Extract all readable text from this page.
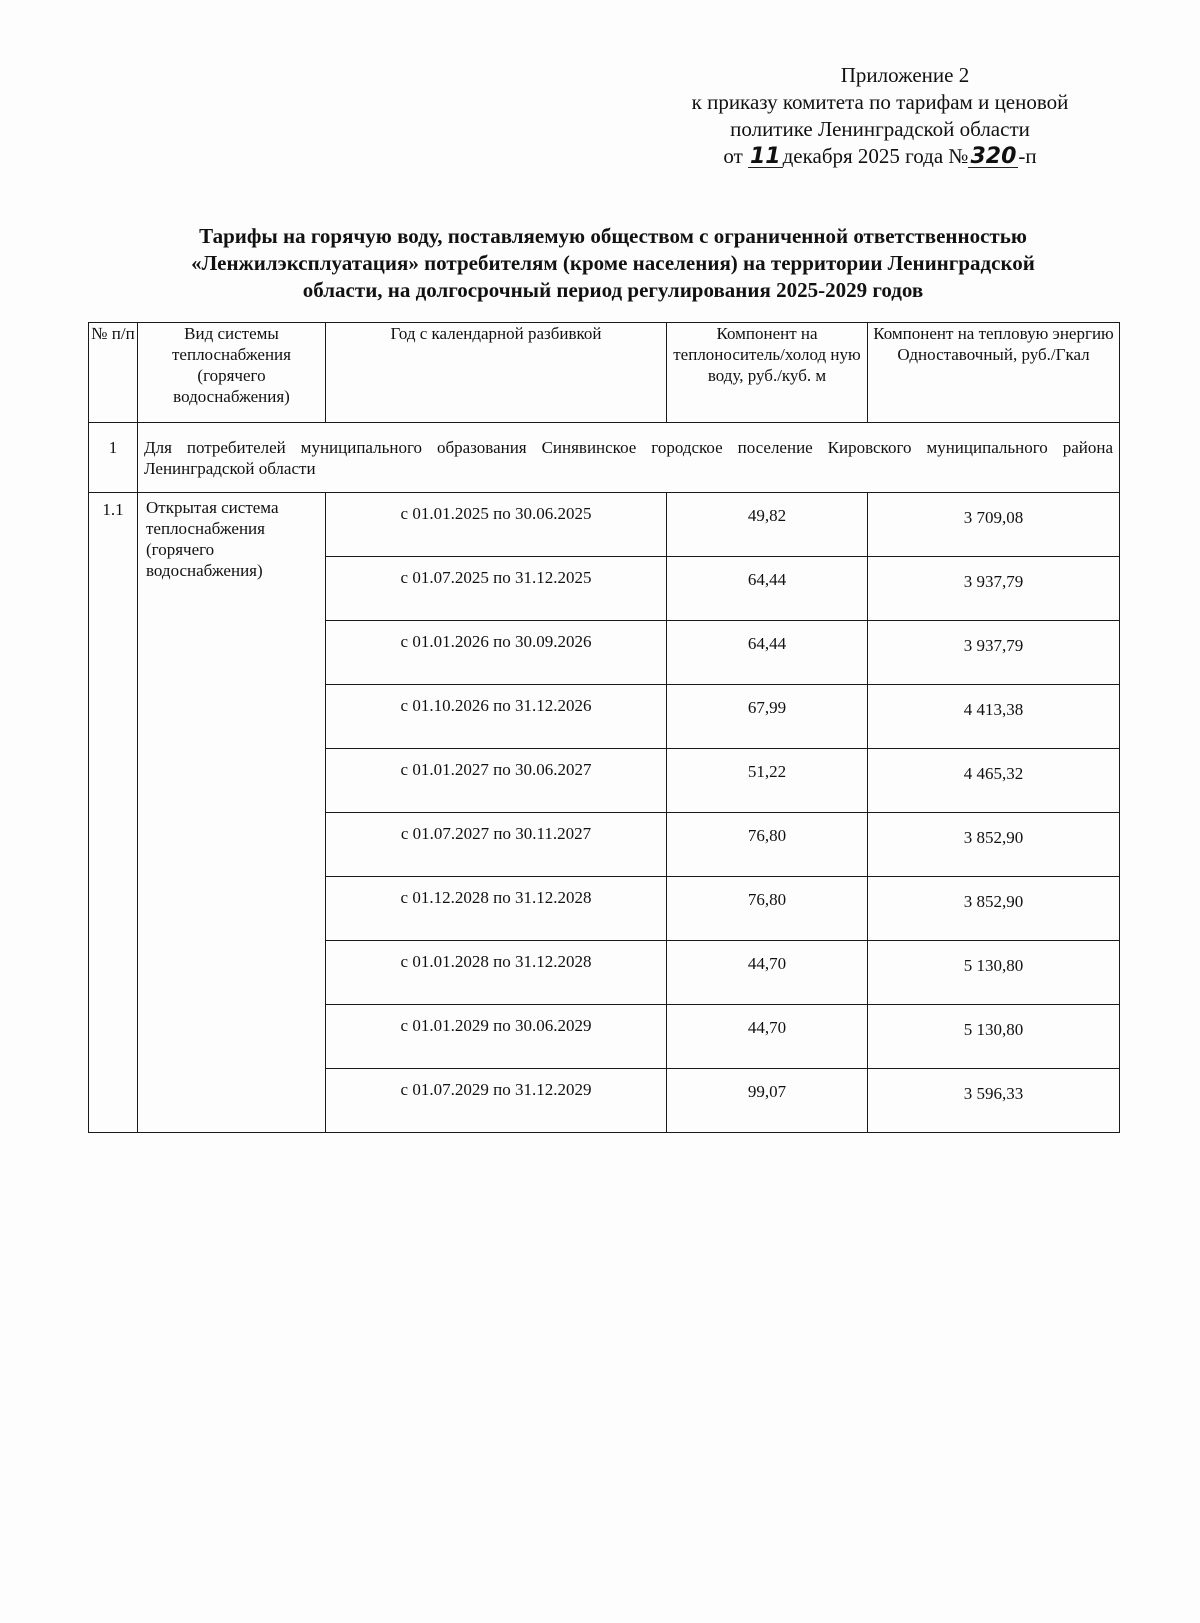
Приложение 2
к приказу комитета по тарифам и ценовой
политике Ленинградской области
от 11декабря 2025 года №320-п
Тарифы на горячую воду, поставляемую обществом с ограниченной ответственностью
«Ленжилэксплуатация» потребителям (кроме населения) на территории Ленинградской
области, на долгосрочный период регулирования 2025-2029 годов
№ п/п	Вид системы теплоснабжения (горячего водоснабжения)	Год с календарной разбивкой	Компонент на теплоноситель/холод ную воду, руб./куб. м	Компонент на тепловую энергию Одноставочный, руб./Гкал
1	Для потребителей муниципального образования Синявинское городское поселение Кировского муниципального района Ленинградской области			
1.1	Открытая система теплоснабжения (горячего водоснабжения)	с 01.01.2025 по 30.06.2025	49,82	3 709,08
		с 01.07.2025 по 31.12.2025	64,44	3 937,79
		с 01.01.2026 по 30.09.2026	64,44	3 937,79
		с 01.10.2026 по 31.12.2026	67,99	4 413,38
		с 01.01.2027 по 30.06.2027	51,22	4 465,32
		с 01.07.2027 по 30.11.2027	76,80	3 852,90
		с 01.12.2028 по 31.12.2028	76,80	3 852,90
		с 01.01.2028 по 31.12.2028	44,70	5 130,80
		с 01.01.2029 по 30.06.2029	44,70	5 130,80
		с 01.07.2029 по 31.12.2029	99,07	3 596,33
